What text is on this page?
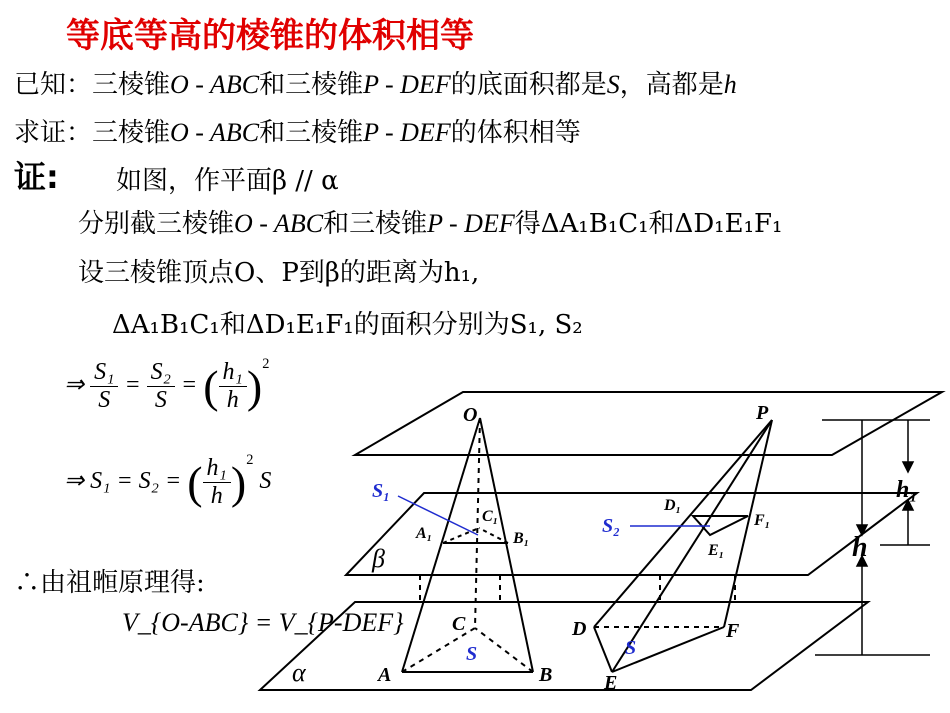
等底等高的棱锥的体积相等
已知：三棱锥O - ABC和三棱锥P - DEF的底面积都是S，高都是h
求证：三棱锥O - ABC和三棱锥P - DEF的体积相等
证: 如图，作平面β // α
分别截三棱锥O - ABC和三棱锥P - DEF得ΔA₁B₁C₁和ΔD₁E₁F₁
设三棱锥顶点O、P到β的距离为h₁,
ΔA₁B₁C₁和ΔD₁E₁F₁的面积分别为S₁, S₂
⇒ $\frac{\text{S₁}}{S} = \frac{\text{S₂}}{S}$ = ( $\frac{\text{h₁}}{h} )^2$
⇒ S₁ = S₂ = ( $\frac{\text{h₁}}{h} )^2$ S
∴由祖暅原理得:
V_{O-ABC} = V_{P-DEF}
O	P
A₁	B₁
C₁
D₁
E₁
F₁
A	B
C	D
E
F
S₁
S₂
S	S
β
α
h₁
h
